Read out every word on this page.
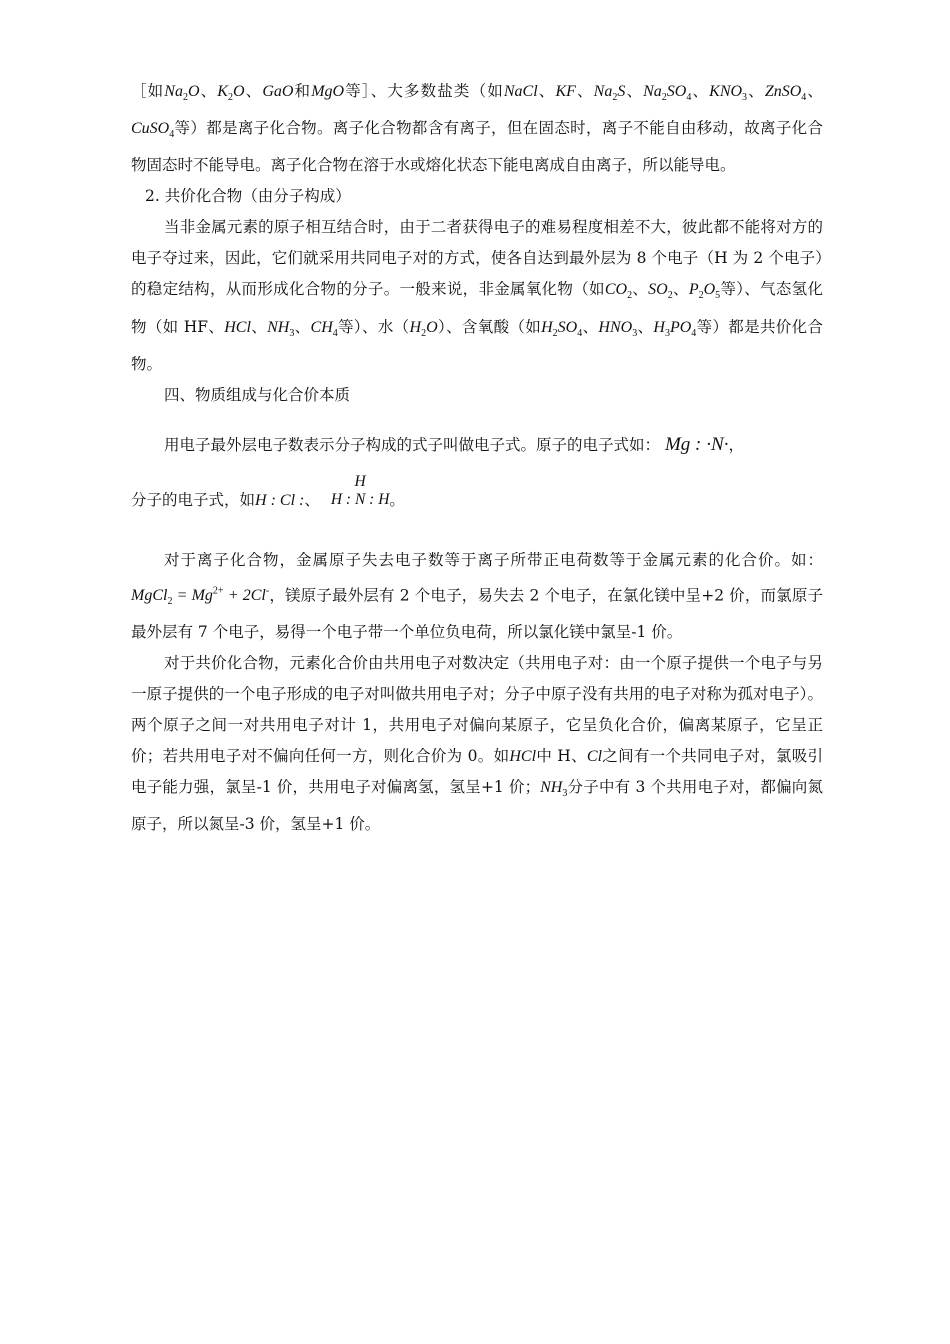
［如$Na_2O$、$K_2O$、GaO和MgO等］、大多数盐类（如NaCl、KF、$Na_2S$、$Na_2SO_4$、$KNO_3$、ZnSO$_4$、CuSO$_4$等）都是离子化合物。离子化合物都含有离子，但在固态时，离子不能自由移动，故离子化合物固态时不能导电。离子化合物在溶于水或熔化状态下能电离成自由离子，所以能导电。

2. 共价化合物（由分子构成）

当非金属元素的原子相互结合时，由于二者获得电子的难易程度相差不大，彼此都不能将对方的电子夺过来，因此，它们就采用共同电子对的方式，使各自达到最外层为 8 个电子（H 为 2 个电子）的稳定结构，从而形成化合物的分子。一般来说，非金属氧化物（如$CO_2$、$SO_2$、$P_2O_5$等）、气态氢化物（如 HF、HCl、$NH_3$、$CH_4$等）、水$(H_2O)$、含氧酸（如$H_2SO_4$、$HNO_3$、$H_3PO_4$等）都是共价化合物。

四、物质组成与化合价本质

用电子最外层电子数表示分子构成的式子叫做电子式。原子的电子式如： Mg : ·N·，

分子的电子式，如H : Cl :、
H
H : N : H 。

对于离子化合物，金属原子失去电子数等于离子所带正电荷数等于金属元素的化合价。如：MgCl$_2$ = $Mg^{2+} + 2Cl^-$，镁原子最外层有 2 个电子，易失去 2 个电子，在氯化镁中呈+2 价，而氯原子最外层有 7 个电子，易得一个电子带一个单位负电荷，所以氯化镁中氯呈-1 价。

对于共价化合物，元素化合价由共用电子对数决定（共用电子对：由一个原子提供一个电子与另一原子提供的一个电子形成的电子对叫做共用电子对；分子中原子没有共用的电子对称为孤对电子）。两个原子之间一对共用电子对计 1，共用电子对偏向某原子，它呈负化合价，偏离某原子，它呈正价；若共用电子对不偏向任何一方，则化合价为 0。如HCl中 H、Cl之间有一个共同电子对，氯吸引电子能力强，氯呈-1 价，共用电子对偏离氢，氢呈+1 价；$NH_3$分子中有 3 个共用电子对，都偏向氮原子，所以氮呈-3 价，氢呈+1 价。
